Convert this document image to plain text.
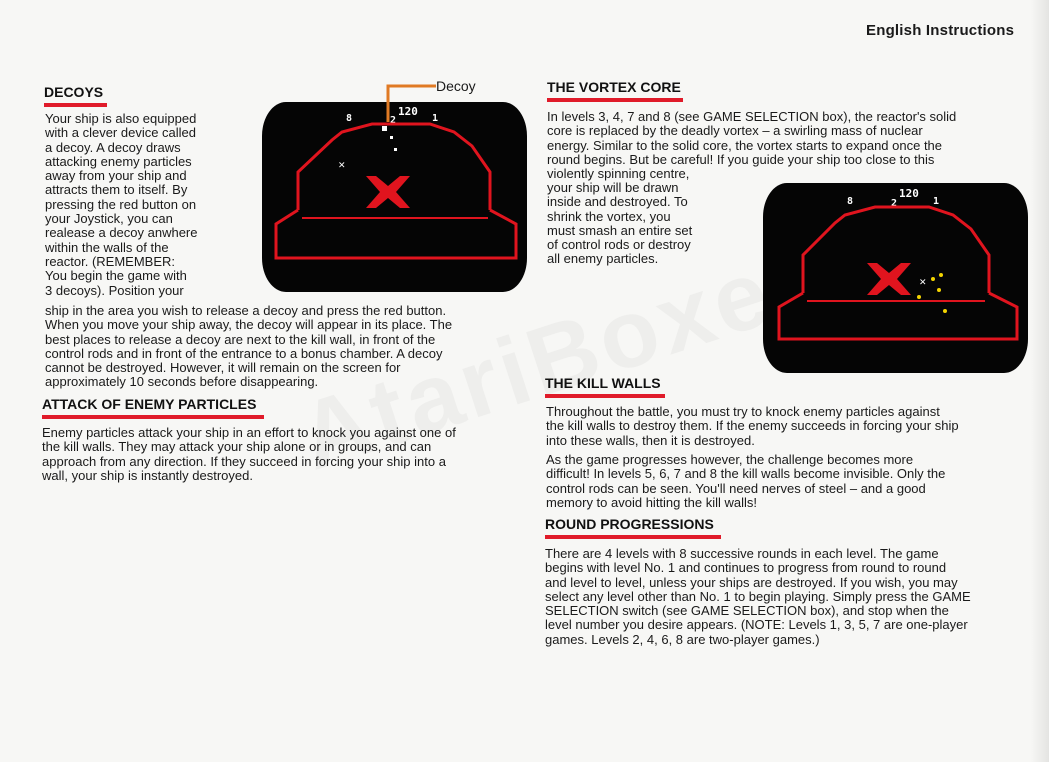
English Instructions
DECOYS
Your ship is also equipped
with a clever device called
a decoy. A decoy draws
attacking enemy particles
away from your ship and
attracts them to itself. By
pressing the red button on
your Joystick, you can
realease a decoy anwhere
within the walls of the
reactor. (REMEMBER:
You begin the game with
3 decoys). Position your
ship in the area you wish to release a decoy and press the red button.
When you move your ship away, the decoy will appear in its place. The
best places to release a decoy are next to the kill wall, in front of the
control rods and in front of the entrance to a bonus chamber. A decoy
cannot be destroyed. However, it will remain on the screen for
approximately 10 seconds before disappearing.
120
8	2	1
✕
Decoy
ATTACK OF ENEMY PARTICLES
Enemy particles attack your ship in an effort to knock you against one of
the kill walls. They may attack your ship alone or in groups, and can
approach from any direction. If they succeed in forcing your ship into a
wall, your ship is instantly destroyed.
THE VORTEX CORE
In levels 3, 4, 7 and 8 (see GAME SELECTION box), the reactor's solid
core is replaced by the deadly vortex – a swirling mass of nuclear
energy. Similar to the solid core, the vortex starts to expand once the
round begins. But be careful! If you guide your ship too close to this
violently spinning centre,
your ship will be drawn
inside and destroyed. To
shrink the vortex, you
must smash an entire set
of control rods or destroy
all enemy particles.
120
8	2	1
✕
THE KILL WALLS
Throughout the battle, you must try to knock enemy particles against
the kill walls to destroy them. If the enemy succeeds in forcing your ship
into these walls, then it is destroyed.
As the game progresses however, the challenge becomes more
difficult! In levels 5, 6, 7 and 8 the kill walls become invisible. Only the
control rods can be seen. You'll need nerves of steel – and a good
memory to avoid hitting the kill walls!
ROUND PROGRESSIONS
There are 4 levels with 8 successive rounds in each level. The game
begins with level No. 1 and continues to progress from round to round
and level to level, unless your ships are destroyed. If you wish, you may
select any level other than No. 1 to begin playing. Simply press the GAME
SELECTION switch (see GAME SELECTION box), and stop when the
level number you desire appears. (NOTE: Levels 1, 3, 5, 7 are one-player
games. Levels 2, 4, 6, 8 are two-player games.)
